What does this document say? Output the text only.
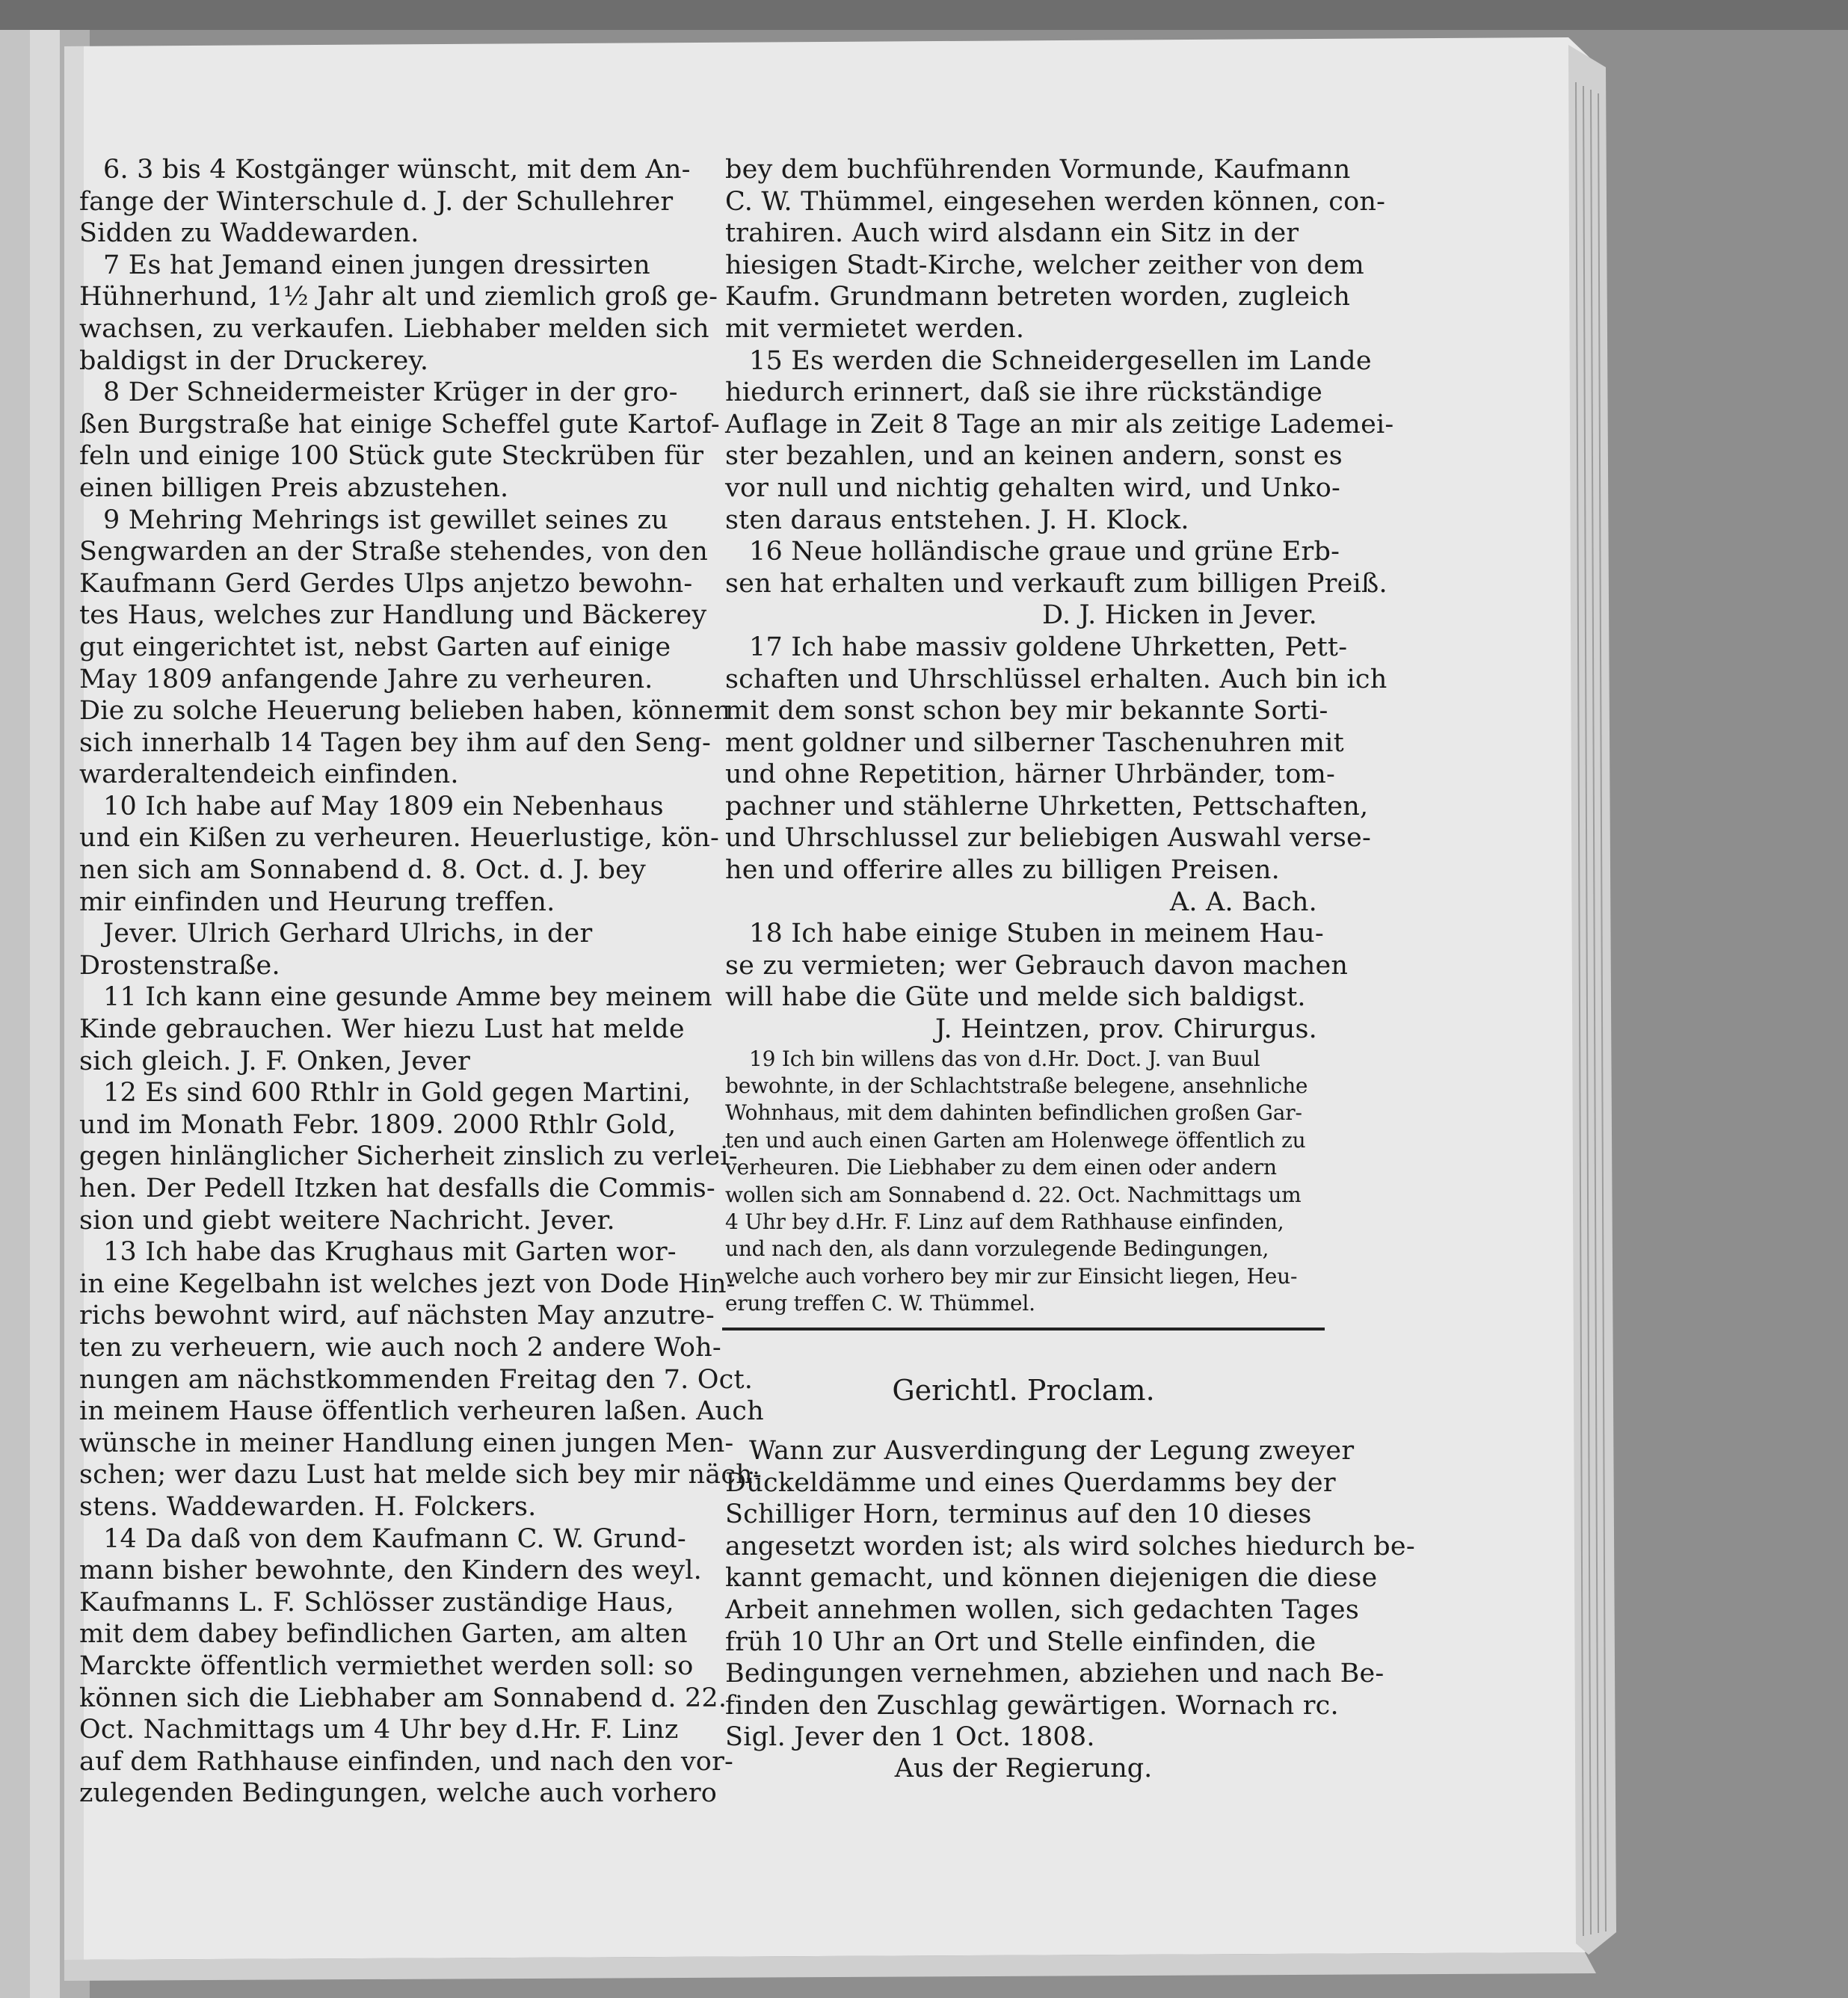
6. 3 bis 4 Kostgänger wünscht, mit dem An-
fange der Winterschule d. J. der Schullehrer
Sidden zu Waddewarden.
7 Es hat Jemand einen jungen dressirten
Hühnerhund, 1½ Jahr alt und ziemlich groß ge-
wachsen, zu verkaufen. Liebhaber melden sich
baldigst in der Druckerey.
8 Der Schneidermeister Krüger in der gro-
ßen Burgstraße hat einige Scheffel gute Kartof-
feln und einige 100 Stück gute Steckrüben für
einen billigen Preis abzustehen.
9 Mehring Mehrings ist gewillet seines zu
Sengwarden an der Straße stehendes, von den
Kaufmann Gerd Gerdes Ulps anjetzo bewohn-
tes Haus, welches zur Handlung und Bäckerey
gut eingerichtet ist, nebst Garten auf einige
May 1809 anfangende Jahre zu verheuren.
Die zu solche Heuerung belieben haben, können
sich innerhalb 14 Tagen bey ihm auf den Seng-
warderaltendeich einfinden.
10 Ich habe auf May 1809 ein Nebenhaus
und ein Kißen zu verheuren. Heuerlustige, kön-
nen sich am Sonnabend d. 8. Oct. d. J. bey
mir einfinden und Heurung treffen.
Jever. Ulrich Gerhard Ulrichs, in der
Drostenstraße.
11 Ich kann eine gesunde Amme bey meinem
Kinde gebrauchen. Wer hiezu Lust hat melde
sich gleich. J. F. Onken, Jever
12 Es sind 600 Rthlr in Gold gegen Martini,
und im Monath Febr. 1809. 2000 Rthlr Gold,
gegen hinlänglicher Sicherheit zinslich zu verlei-
hen. Der Pedell Itzken hat desfalls die Commis-
sion und giebt weitere Nachricht. Jever.
13 Ich habe das Krughaus mit Garten wor-
in eine Kegelbahn ist welches jezt von Dode Hin-
richs bewohnt wird, auf nächsten May anzutre-
ten zu verheuern, wie auch noch 2 andere Woh-
nungen am nächstkommenden Freitag den 7. Oct.
in meinem Hause öffentlich verheuren laßen. Auch
wünsche in meiner Handlung einen jungen Men-
schen; wer dazu Lust hat melde sich bey mir näch-
stens. Waddewarden. H. Folckers.
14 Da daß von dem Kaufmann C. W. Grund-
mann bisher bewohnte, den Kindern des weyl.
Kaufmanns L. F. Schlösser zuständige Haus,
mit dem dabey befindlichen Garten, am alten
Marckte öffentlich vermiethet werden soll: so
können sich die Liebhaber am Sonnabend d. 22.
Oct. Nachmittags um 4 Uhr bey d.Hr. F. Linz
auf dem Rathhause einfinden, und nach den vor-
zulegenden Bedingungen, welche auch vorhero
bey dem buchführenden Vormunde, Kaufmann
C. W. Thümmel, eingesehen werden können, con-
trahiren. Auch wird alsdann ein Sitz in der
hiesigen Stadt-Kirche, welcher zeither von dem
Kaufm. Grundmann betreten worden, zugleich
mit vermietet werden.
15 Es werden die Schneidergesellen im Lande
hiedurch erinnert, daß sie ihre rückständige
Auflage in Zeit 8 Tage an mir als zeitige Lademei-
ster bezahlen, und an keinen andern, sonst es
vor null und nichtig gehalten wird, und Unko-
sten daraus entstehen. J. H. Klock.
16 Neue holländische graue und grüne Erb-
sen hat erhalten und verkauft zum billigen Preiß.
D. J. Hicken in Jever.
17 Ich habe massiv goldene Uhrketten, Pett-
schaften und Uhrschlüssel erhalten. Auch bin ich
mit dem sonst schon bey mir bekannte Sorti-
ment goldner und silberner Taschenuhren mit
und ohne Repetition, härner Uhrbänder, tom-
pachner und stählerne Uhrketten, Pettschaften,
und Uhrschlussel zur beliebigen Auswahl verse-
hen und offerire alles zu billigen Preisen.
A. A. Bach.
18 Ich habe einige Stuben in meinem Hau-
se zu vermieten; wer Gebrauch davon machen
will habe die Güte und melde sich baldigst.
J. Heintzen, prov. Chirurgus.
19 Ich bin willens das von d.Hr. Doct. J. van Buul
bewohnte, in der Schlachtstraße belegene, ansehnliche
Wohnhaus, mit dem dahinten befindlichen großen Gar-
ten und auch einen Garten am Holenwege öffentlich zu
verheuren. Die Liebhaber zu dem einen oder andern
wollen sich am Sonnabend d. 22. Oct. Nachmittags um
4 Uhr bey d.Hr. F. Linz auf dem Rathhause einfinden,
und nach den, als dann vorzulegende Bedingungen,
welche auch vorhero bey mir zur Einsicht liegen, Heu-
erung treffen C. W. Thümmel.
Gerichtl. Proclam.
Wann zur Ausverdingung der Legung zweyer
Dückeldämme und eines Querdamms bey der
Schilliger Horn, terminus auf den 10 dieses
angesetzt worden ist; als wird solches hiedurch be-
kannt gemacht, und können diejenigen die diese
Arbeit annehmen wollen, sich gedachten Tages
früh 10 Uhr an Ort und Stelle einfinden, die
Bedingungen vernehmen, abziehen und nach Be-
finden den Zuschlag gewärtigen. Wornach rc.
Sigl. Jever den 1 Oct. 1808.
Aus der Regierung.
